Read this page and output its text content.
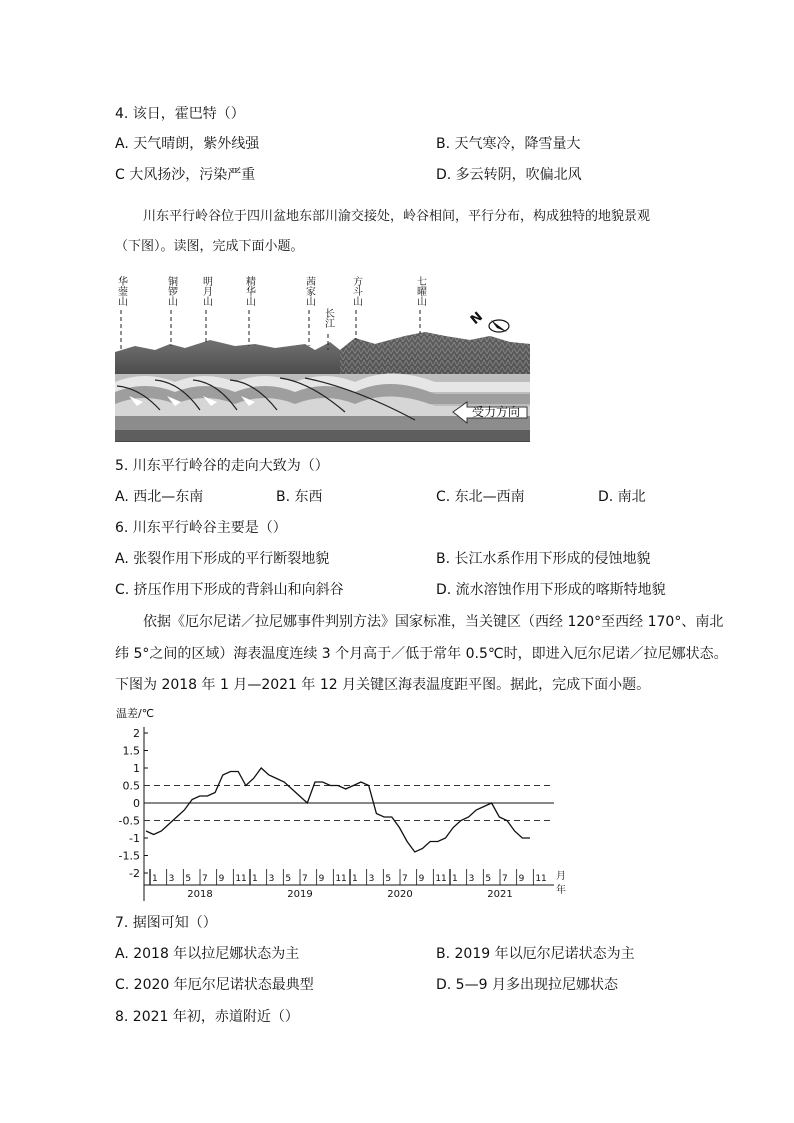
4. 该日，霍巴特（）
A. 天气晴朗，紫外线强	B. 天气寒冷，降雪量大
C 大风扬沙，污染严重	D. 多云转阴，吹偏北风
川东平行岭谷位于四川盆地东部川渝交接处，岭谷相间，平行分布，构成独特的地貌景观
（下图）。读图，完成下面小题。
华蓥山	铜锣山 明月山	精华山	茜家山
长江
方斗山	七曜山
N
受力方向
5. 川东平行岭谷的走向大致为（）
A. 西北—东南	B. 东西	C. 东北—西南	D. 南北
6. 川东平行岭谷主要是（）
A. 张裂作用下形成的平行断裂地貌	B. 长江水系作用下形成的侵蚀地貌
C. 挤压作用下形成的背斜山和向斜谷	D. 流水溶蚀作用下形成的喀斯特地貌
依据《厄尔尼诺／拉尼娜事件判别方法》国家标准，当关键区（西经 120°至西经 170°、南北
纬 5°之间的区域）海表温度连续 3 个月高于／低于常年 0.5℃时，即进入厄尔尼诺／拉尼娜状态。
下图为 2018 年 1 月—2021 年 12 月关键区海表温度距平图。据此，完成下面小题。
温差/℃
2
1.5
1
0.5
0
-0.5
-1
-1.5
-2 1 3 5 7 9 11 1 3 5 7 9 11 1 3 5 7 9 11 1 3 5 7 9 11
2018	2019	2020	2021
月
年
7. 据图可知（）
A. 2018 年以拉尼娜状态为主	B. 2019 年以厄尔尼诺状态为主
C. 2020 年厄尔尼诺状态最典型	D. 5—9 月多出现拉尼娜状态
8. 2021 年初，赤道附近（）
